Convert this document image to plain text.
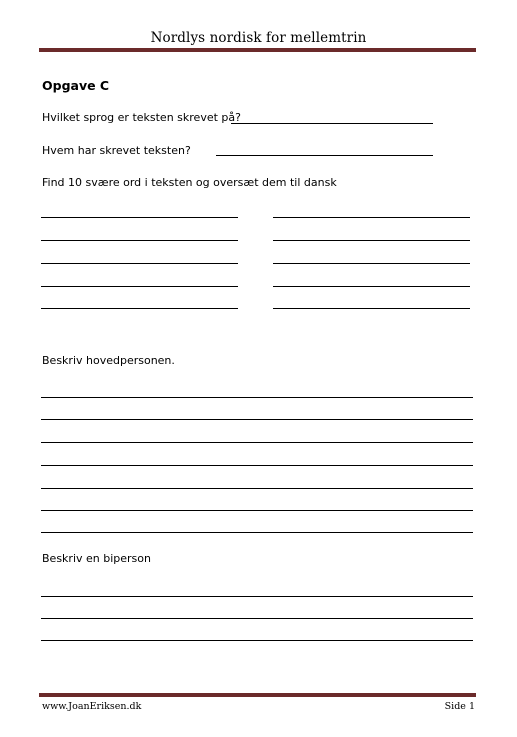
Nordlys nordisk for mellemtrin
Opgave C
Hvilket sprog er teksten skrevet på?
Hvem har skrevet teksten?
Find 10 svære ord i teksten og oversæt dem til dansk
Beskriv hovedpersonen.
Beskriv en biperson
www.JoanEriksen.dk	Side 1
